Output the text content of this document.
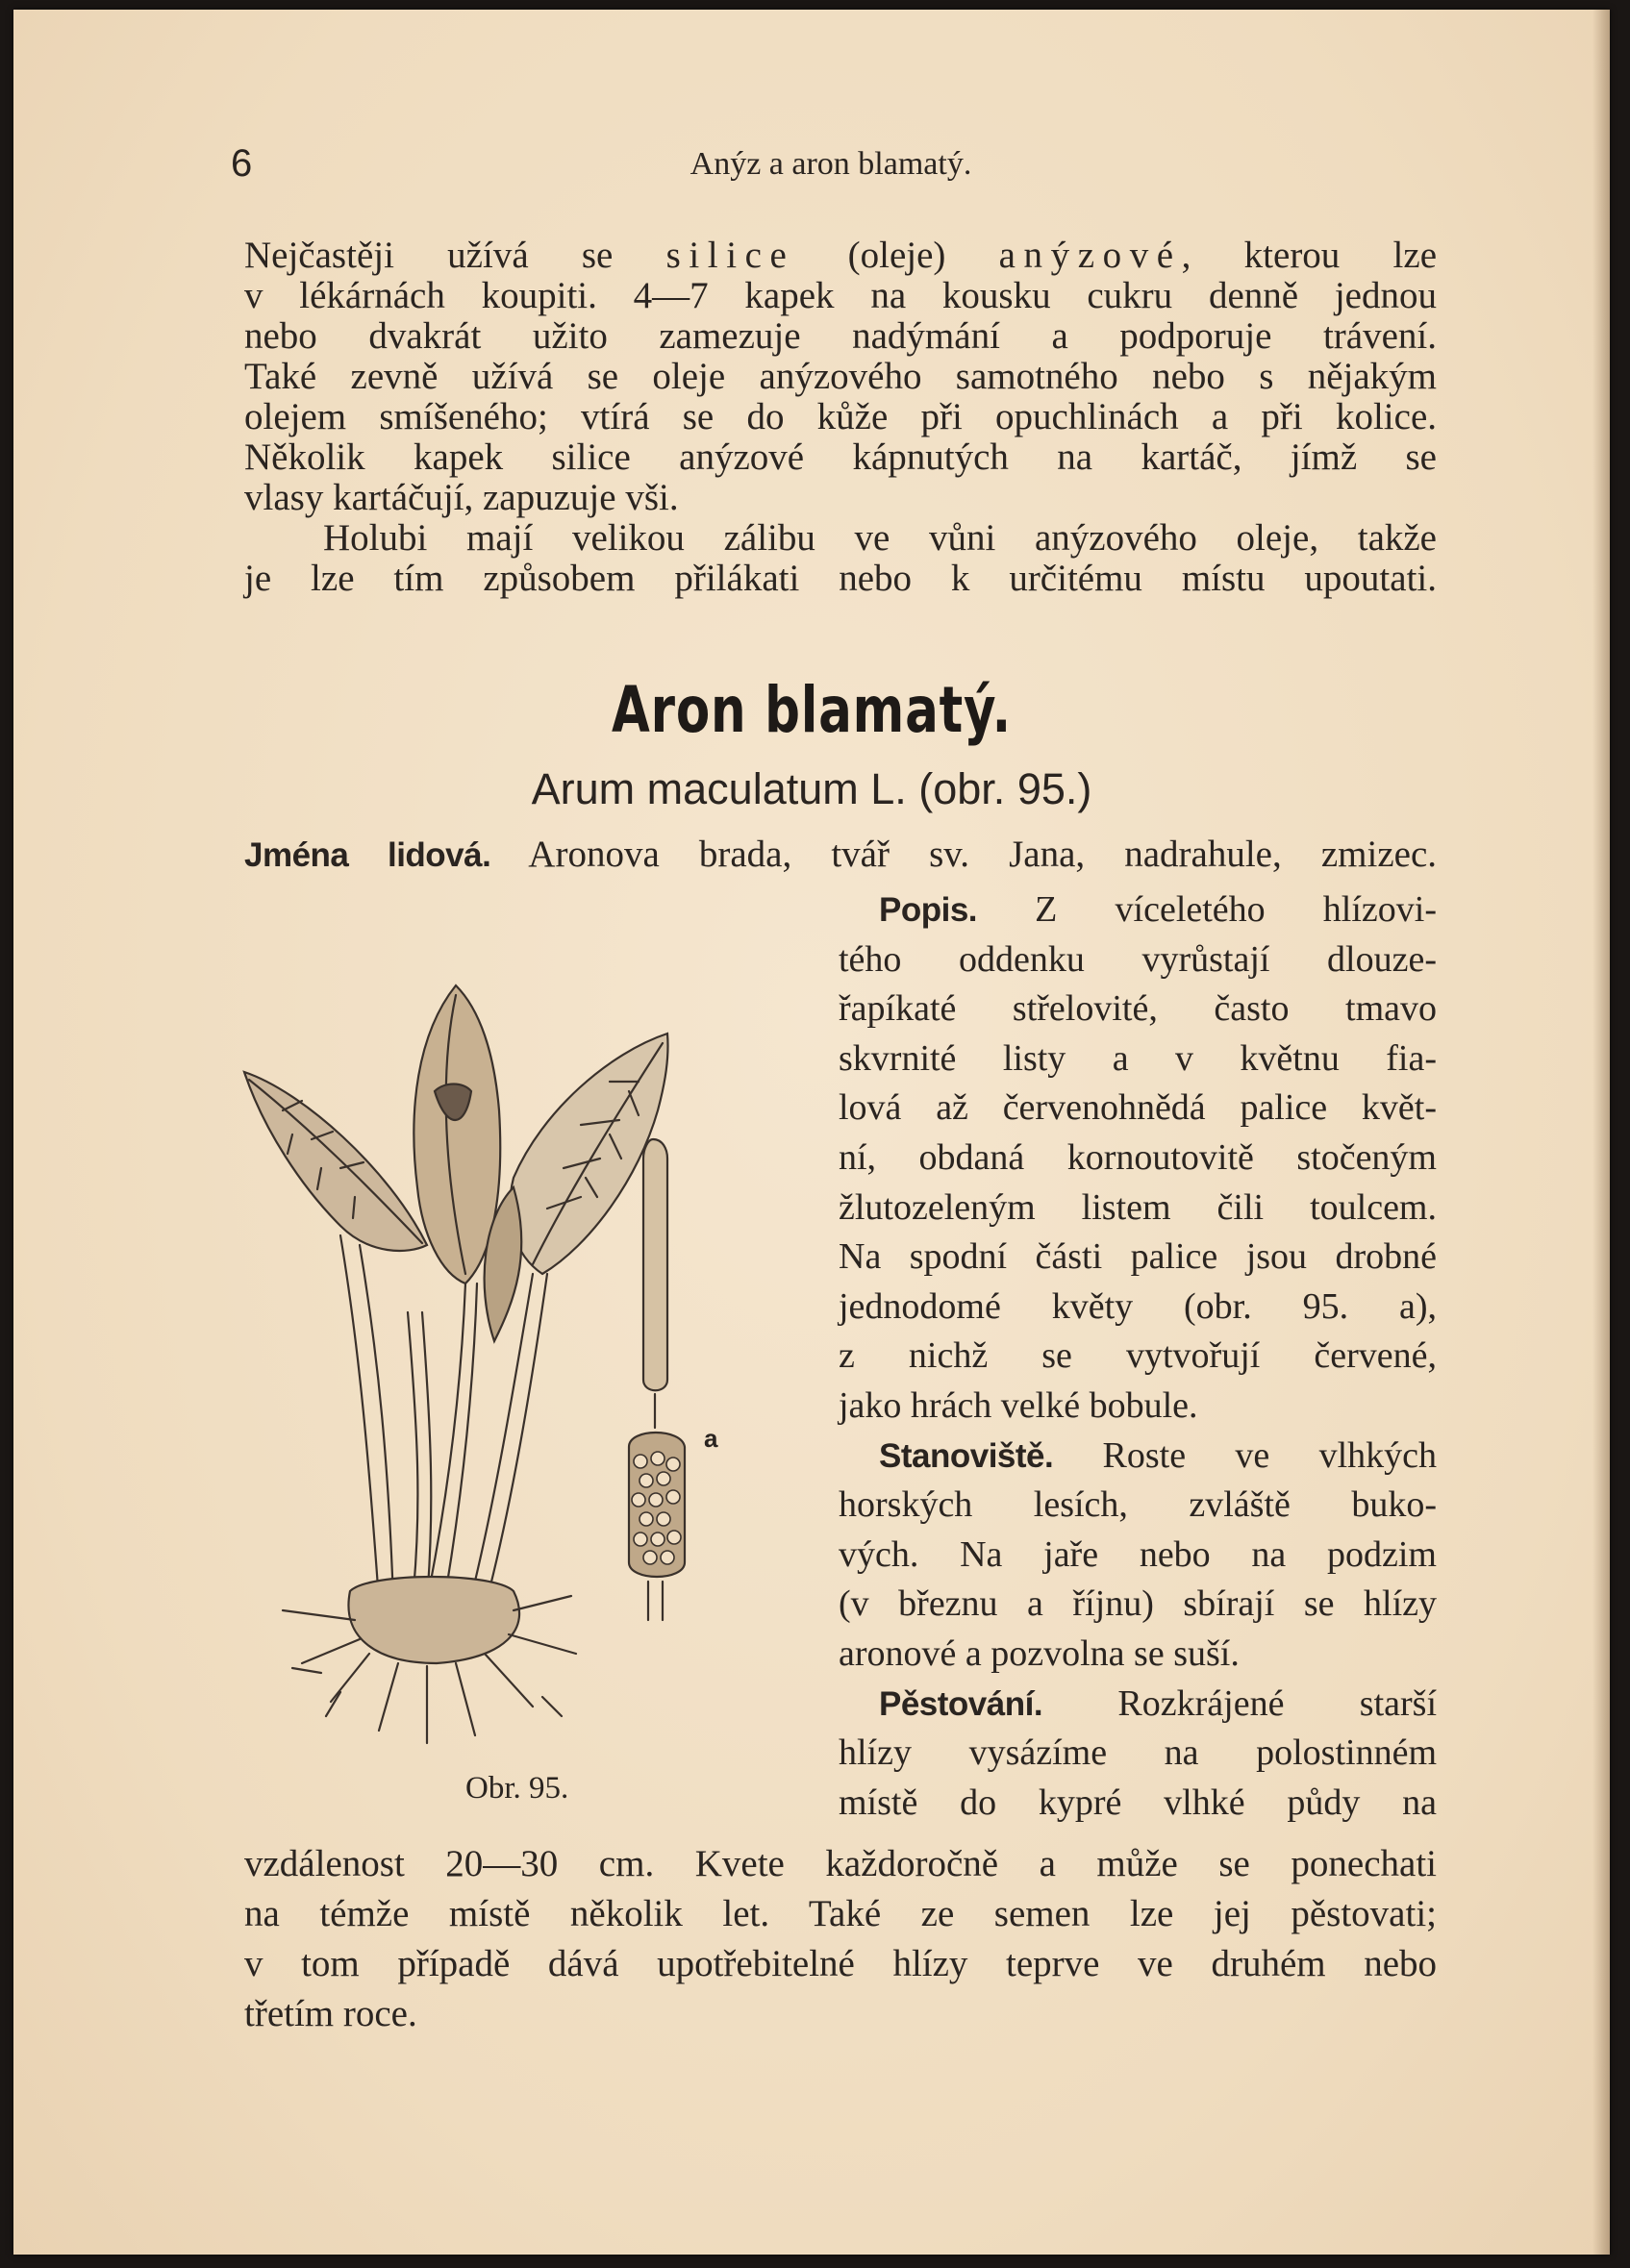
6	Anýz a aron blamatý.
Nejčastěji užívá se silice (oleje) anýzové, kterou lze
v lékárnách koupiti. 4—7 kapek na kousku cukru denně jednou
nebo dvakrát užito zamezuje nadýmání a podporuje trávení.
Také zevně užívá se oleje anýzového samotného nebo s nějakým
olejem smíšeného; vtírá se do kůže při opuchlinách a při kolice.
Několik kapek silice anýzové kápnutých na kartáč, jímž se
vlasy kartáčují, zapuzuje vši.
Holubi mají velikou zálibu ve vůni anýzového oleje, takže
je lze tím způsobem přilákati nebo k určitému místu upoutati.
Aron blamatý.
Arum maculatum L. (obr. 95.)
Jména lidová. Aronova brada, tvář sv. Jana, nadrahule, zmizec.
Popis. Z víceletého hlízovi-
tého oddenku vyrůstají dlouze-
řapíkaté střelovité, často tmavo
skvrnité listy a v květnu fia-
lová až červenohnědá palice květ-
ní, obdaná kornoutovitě stočeným
žlutozeleným listem čili toulcem.
Na spodní části palice jsou drobné
jednodomé květy (obr. 95. a),
z nichž se vytvořují červené,
jako hrách velké bobule.
Stanoviště. Roste ve vlhkých
horských lesích, zvláště buko-
vých. Na jaře nebo na podzim
(v březnu a říjnu) sbírají se hlízy
aronové a pozvolna se suší.
Pěstování. Rozkrájené starší
hlízy vysázíme na polostinném
místě do kypré vlhké půdy na
a
Obr. 95.
vzdálenost 20—30 cm. Kvete každoročně a může se ponechati
na témže místě několik let. Také ze semen lze jej pěstovati;
v tom případě dává upotřebitelné hlízy teprve ve druhém nebo
třetím roce.
